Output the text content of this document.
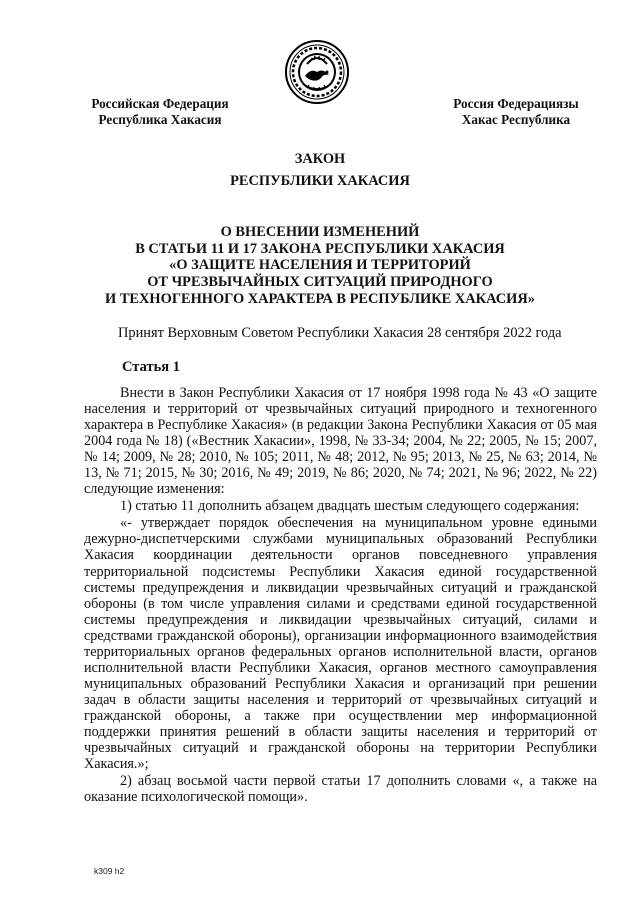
Российская Федерация
Республика Хакасия
Россия Федерациязы
Хакас Республика
ЗАКОН
РЕСПУБЛИКИ ХАКАСИЯ
О ВНЕСЕНИИ ИЗМЕНЕНИЙ
В СТАТЬИ 11 И 17 ЗАКОНА РЕСПУБЛИКИ ХАКАСИЯ
«О ЗАЩИТЕ НАСЕЛЕНИЯ И ТЕРРИТОРИЙ
ОТ ЧРЕЗВЫЧАЙНЫХ СИТУАЦИЙ ПРИРОДНОГО
И ТЕХНОГЕННОГО ХАРАКТЕРА В РЕСПУБЛИКЕ ХАКАСИЯ»
Принят Верховным Советом Республики Хакасия 28 сентября 2022 года
Статья 1

Внести в Закон Республики Хакасия от 17 ноября 1998 года № 43 «О защите населения и территорий от чрезвычайных ситуаций природного и техногенного характера в Республике Хакасия» (в редакции Закона Республики Хакасия от 05 мая 2004 года № 18) («Вестник Хакасии», 1998, № 33-34; 2004, № 22; 2005, № 15; 2007, № 14; 2009, № 28; 2010, № 105; 2011, № 48; 2012, № 95; 2013, № 25, № 63; 2014, № 13, № 71; 2015, № 30; 2016, № 49; 2019, № 86; 2020, № 74; 2021, № 96; 2022, № 22) следующие изменения:

1) статью 11 дополнить абзацем двадцать шестым следующего содержания:

«- утверждает порядок обеспечения на муниципальном уровне едиными дежурно-диспетчерскими службами муниципальных образований Республики Хакасия координации деятельности органов повседневного управления территориальной подсистемы Республики Хакасия единой государственной системы предупреждения и ликвидации чрезвычайных ситуаций и гражданской обороны (в том числе управления силами и средствами единой государственной системы предупреждения и ликвидации чрезвычайных ситуаций, силами и средствами гражданской обороны), организации информационного взаимодействия территориальных органов федеральных органов исполнительной власти, органов исполнительной власти Республики Хакасия, органов местного самоуправления муниципальных образований Республики Хакасия и организаций при решении задач в области защиты населения и территорий от чрезвычайных ситуаций и гражданской обороны, а также при осуществлении мер информационной поддержки принятия решений в области защиты населения и территорий от чрезвычайных ситуаций и гражданской обороны на территории Республики Хакасия.»;

2) абзац восьмой части первой статьи 17 дополнить словами «, а также на оказание психологической помощи».

k309 h2
